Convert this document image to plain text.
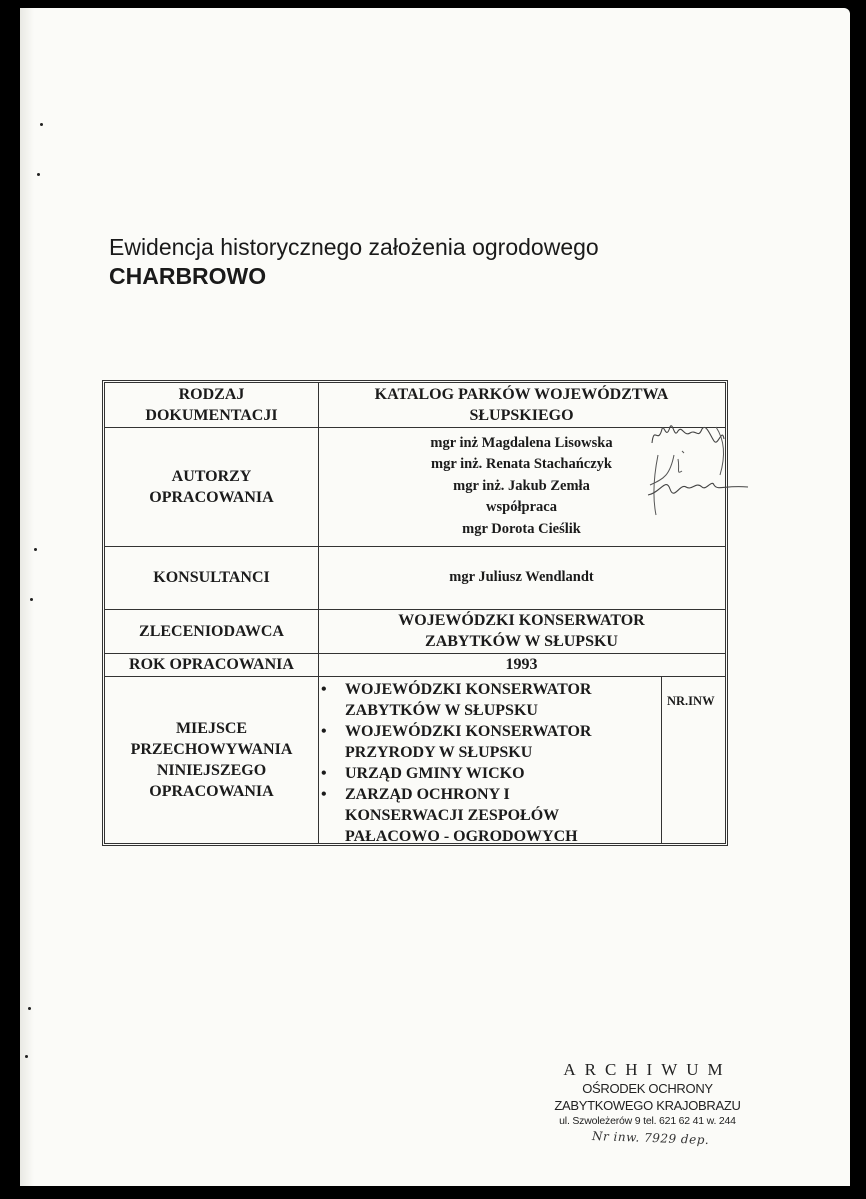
Ewidencja historycznego założenia ogrodowego
CHARBROWO
RODZAJ
DOKUMENTACJI
KATALOG PARKÓW WOJEWÓDZTWA
SŁUPSKIEGO
AUTORZY
OPRACOWANIA
mgr inż Magdalena Lisowska
mgr inż. Renata Stachańczyk
mgr inż. Jakub Zemła
współpraca
mgr Dorota Cieślik
KONSULTANCI	mgr Juliusz Wendlandt
ZLECENIODAWCA
WOJEWÓDZKI KONSERWATOR
ZABYTKÓW W SŁUPSKU
ROK OPRACOWANIA	1993
MIEJSCE
PRZECHOWYWANIA
NINIEJSZEGO
OPRACOWANIA
• WOJEWÓDZKI KONSERWATOR
ZABYTKÓW W SŁUPSKU
• WOJEWÓDZKI KONSERWATOR
PRZYRODY W SŁUPSKU
• URZĄD GMINY WICKO
• ZARZĄD OCHRONY I
KONSERWACJI ZESPOŁÓW
PAŁACOWO - OGRODOWYCH
NR.INW
ARCHIWUM
OŚRODEK OCHRONY
ZABYTKOWEGO KRAJOBRAZU
ul. Szwoleżerów 9 tel. 621 62 41 w. 244
Nr inw. 7929 dep.
